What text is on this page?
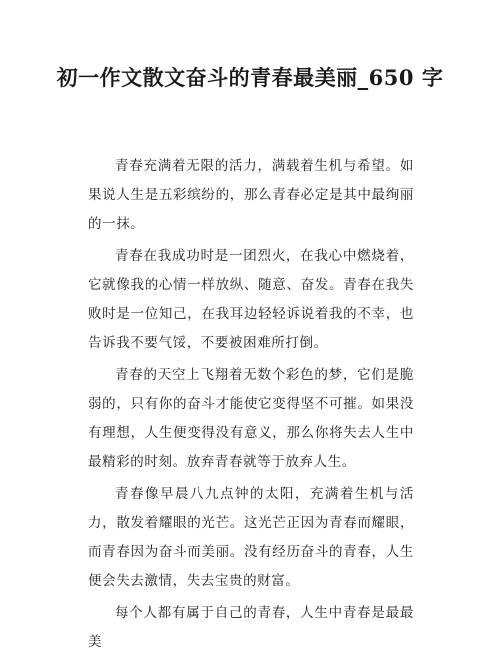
初一作文散文奋斗的青春最美丽_650 字

青春充满着无限的活力，满载着生机与希望。如果说人生是五彩缤纷的，那么青春必定是其中最绚丽的一抹。

青春在我成功时是一团烈火，在我心中燃烧着，它就像我的心情一样放纵、随意、奋发。青春在我失败时是一位知己，在我耳边轻轻诉说着我的不幸，也告诉我不要气馁，不要被困难所打倒。

青春的天空上飞翔着无数个彩色的梦，它们是脆弱的，只有你的奋斗才能使它变得坚不可摧。如果没有理想，人生便变得没有意义，那么你将失去人生中最精彩的时刻。放弃青春就等于放弃人生。

青春像早晨八九点钟的太阳，充满着生机与活力，散发着耀眼的光芒。这光芒正因为青春而耀眼，而青春因为奋斗而美丽。没有经历奋斗的青春，人生便会失去激情，失去宝贵的财富。

每个人都有属于自己的青春，人生中青春是最最美
